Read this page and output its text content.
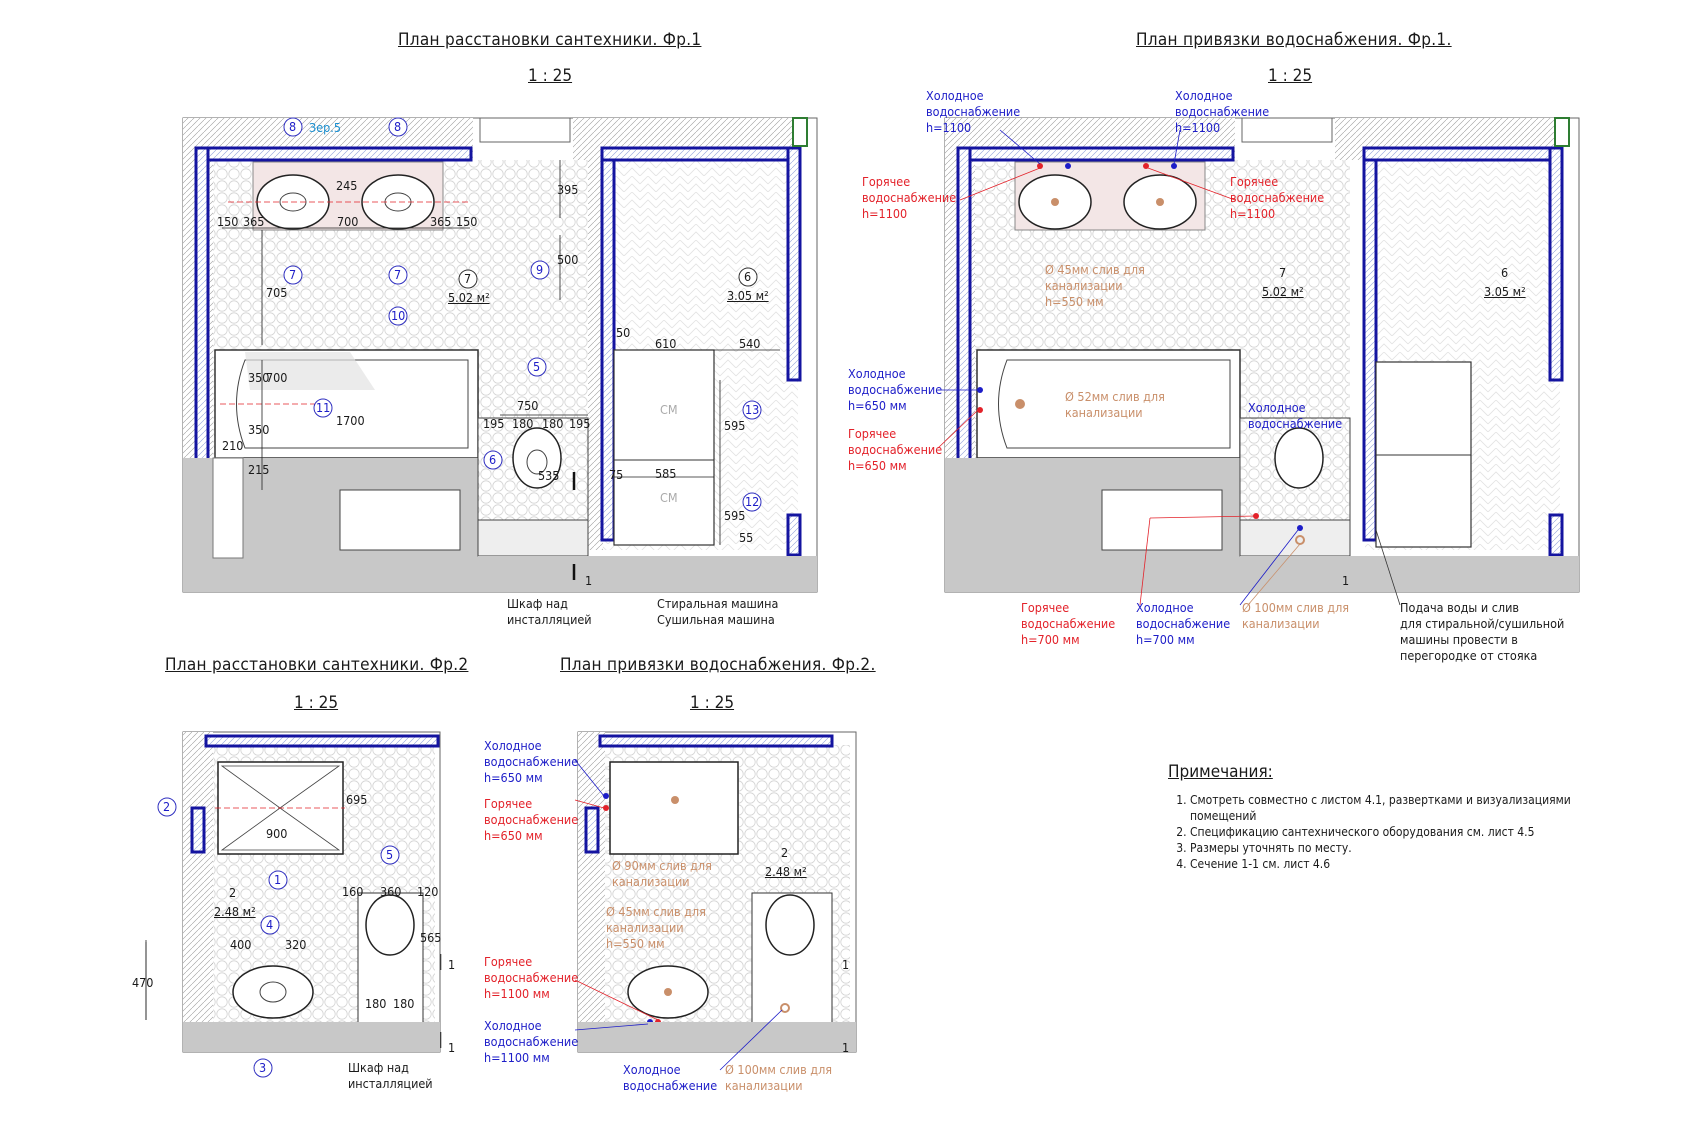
План расстановки сантехники. Фр.1
1 : 25
План привязки водоснабжения. Фр.1.
1 : 25
План расстановки сантехники. Фр.2
1 : 25
План привязки водоснабжения. Фр.2.
1 : 25
8	8
Зер.5
7	7	9
10
11
5
6
13
12
7
5.02 м²
6
3.05 м²
СМ
СМ
245	395
150 365	700	365 150
500
705
50
610	540
750
350
700
1700
350	195 180 180 195
210
215	535	75	585
595
595
55
1
Шкаф над
инсталляцией
Стиральная машина
Сушильная машина
Холодное
водоснабжение
h=1100
Холодное
водоснабжение
h=1100
Горячее
водоснабжение
h=1100
Горячее
водоснабжение
h=1100
Ø 45мм слив для
канализации
h=550 мм
7
5.02 м²
6
3.05 м²
Холодное
водоснабжение
h=650 мм
Горячее
водоснабжение
h=650 мм
Ø 52мм слив для
канализации	Холодное
водоснабжение
1
Горячее
водоснабжение
h=700 мм
Холодное
водоснабжение
h=700 мм
Ø 100мм слив для
канализации
Подача воды и слив
для стиральной/сушильной
машины провести в
перегородке от стояка
2
1
5
4
3
2
2.48 м²
900
695
160 360 120
400	320	565
470
180 180
1
1
Шкаф над
инсталляцией
Холодное
водоснабжение
h=650 мм
Горячее
водоснабжение
h=650 мм
Ø 90мм слив для
канализации
Ø 45мм слив для
канализации
h=550 мм
2
2.48 м²
Горячее
водоснабжение
h=1100 мм
Холодное
водоснабжение
h=1100 мм
Холодное
водоснабжение
Ø 100мм слив для
канализации
1
1
Примечания:
1. Смотреть совместно с листом 4.1, развертками и визуализациями помещений
2. Спецификацию сантехнического оборудования см. лист 4.5
3. Размеры уточнять по месту.
4. Сечение 1-1 см. лист 4.6
